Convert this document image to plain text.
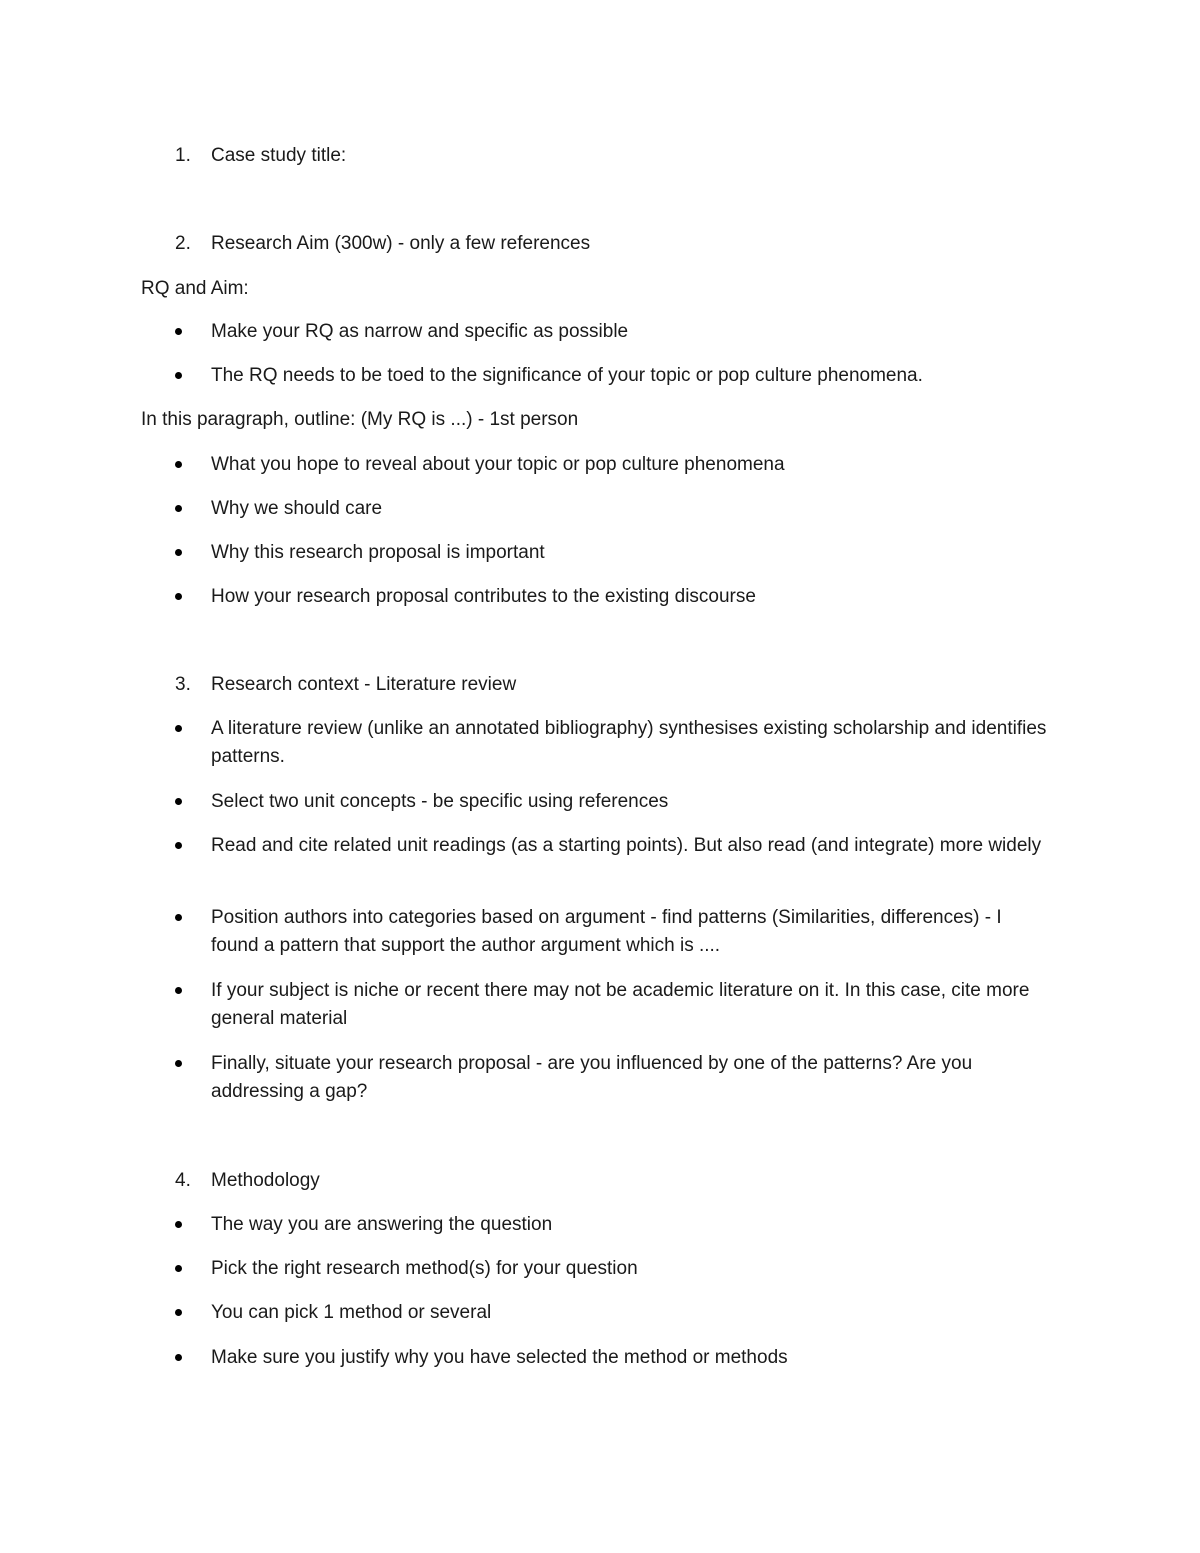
1.	Case study title:
2.	Research Aim (300w) - only a few references
RQ and Aim:
Make your RQ as narrow and specific as possible
The RQ needs to be toed to the significance of your topic or pop culture phenomena.
In this paragraph, outline: (My RQ is ...) - 1st person
What you hope to reveal about your topic or pop culture phenomena
Why we should care
Why this research proposal is important
How your research proposal contributes to the existing discourse
3.	Research context - Literature review
A literature review (unlike an annotated bibliography) synthesises existing scholarship and identifies patterns.
Select two unit concepts - be specific using references
Read and cite related unit readings (as a starting points). But also read (and integrate) more widely
Position authors into categories based on argument - find patterns (Similarities, differences) - I found a pattern that support the author argument which is ....
If your subject is niche or recent there may not be academic literature on it. In this case, cite more general material
Finally, situate your research proposal - are you influenced by one of the patterns? Are you addressing a gap?
4.	Methodology
The way you are answering the question
Pick the right research method(s) for your question
You can pick 1 method or several
Make sure you justify why you have selected the method or methods
